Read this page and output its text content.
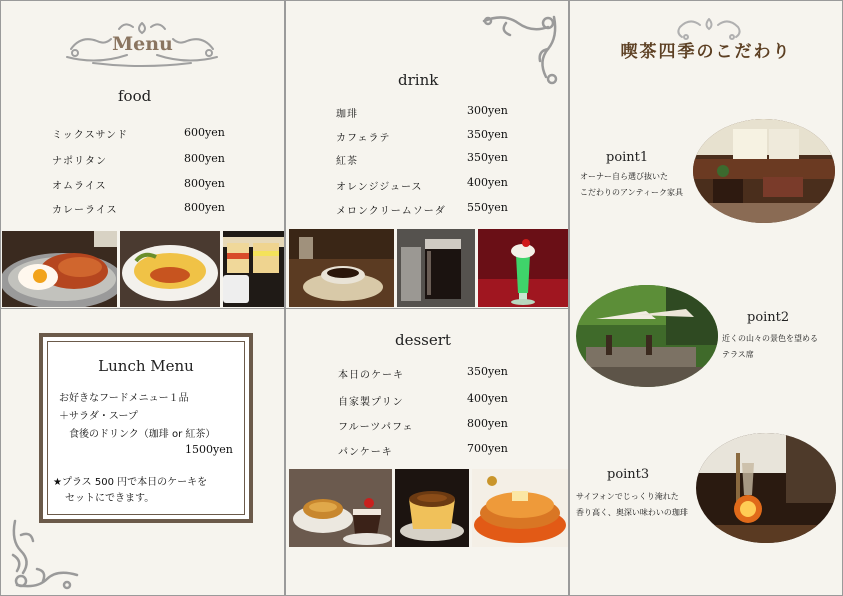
Menu
food
ミックスサンド	600yen
ナポリタン	800yen
オムライス	800yen
カレーライス	800yen
Lunch Menu
お好きなフードメニュー１品
＋サラダ・スープ
食後のドリンク（珈琲 or 紅茶）
1500yen
★プラス 500 円で本日のケーキを
セットにできます。
drink
珈琲	300yen
カフェラテ	350yen
紅茶	350yen
オレンジジュース	400yen
メロンクリームソーダ 550yen
dessert
本日のケーキ	350yen
自家製プリン	400yen
フルーツパフェ	800yen
パンケーキ	700yen
喫茶四季のこだわり
point1
オーナー自ら選び抜いた
こだわりのアンティーク家具
point2
近くの山々の景色を望める
テラス席
point3
サイフォンでじっくり淹れた
香り高く、奥深い味わいの珈琲
